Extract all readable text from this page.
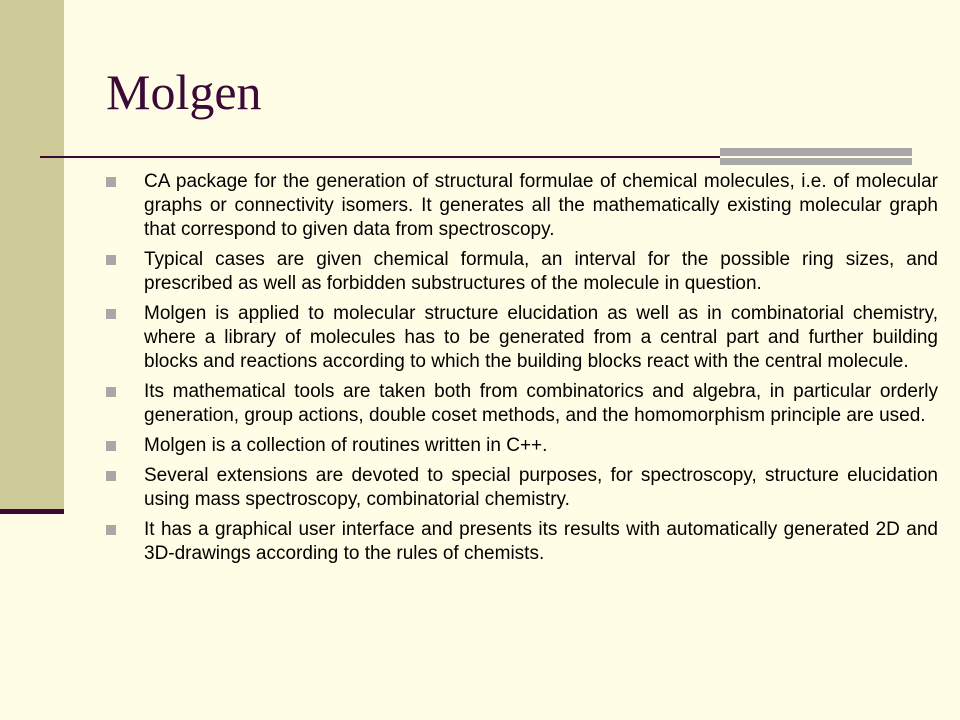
Molgen
CA package for the generation of structural formulae of chemical molecules, i.e. of molecular graphs or connectivity isomers. It generates all the mathematically existing molecular graph that correspond to given data from spectroscopy.
Typical cases are given chemical formula, an interval for the possible ring sizes, and prescribed as well as forbidden substructures of the molecule in question.
Molgen is applied to molecular structure elucidation as well as in combinatorial chemistry, where a library of molecules has to be generated from a central part and further building blocks and reactions according to which the building blocks react with the central molecule.
Its mathematical tools are taken both from combinatorics and algebra, in particular orderly generation, group actions, double coset methods, and the homomorphism principle are used.
Molgen is a collection of routines written in C++.
Several extensions are devoted to special purposes, for spectroscopy, structure elucidation using mass spectroscopy, combinatorial chemistry.
It has a graphical user interface and presents its results with automatically generated 2D and 3D-drawings according to the rules of chemists.
